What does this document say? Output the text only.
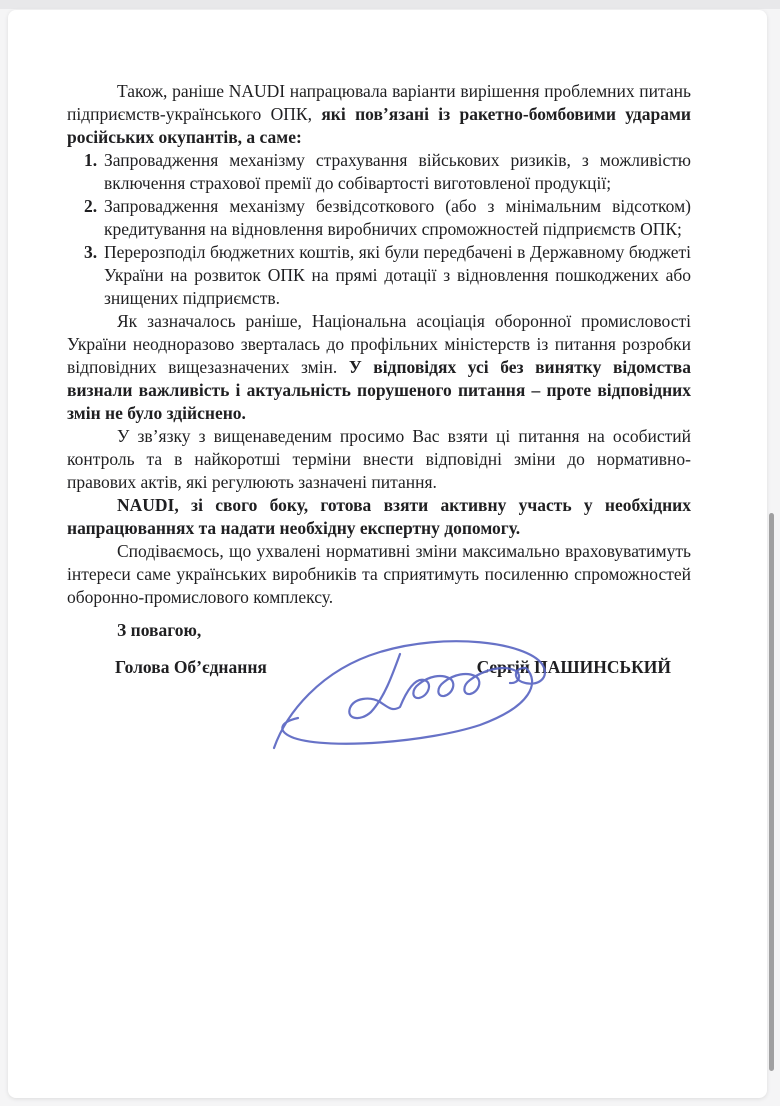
Також, раніше NAUDI напрацювала варіанти вирішення проблемних питань підприємств-українського ОПК, які пов’язані із ракетно-бомбовими ударами російських окупантів, а саме:

1. Запровадження механізму страхування військових ризиків, з можливістю включення страхової премії до собівартості виготовленої продукції;
2. Запровадження механізму безвідсоткового (або з мінімальним відсотком) кредитування на відновлення виробничих спроможностей підприємств ОПК;
3. Перерозподіл бюджетних коштів, які були передбачені в Державному бюджеті України на розвиток ОПК на прямі дотації з відновлення пошкоджених або знищених підприємств.

Як зазначалось раніше, Національна асоціація оборонної промисловості України неодноразово зверталась до профільних міністерств із питання розробки відповідних вищезазначених змін. У відповідях усі без винятку відомства визнали важливість і актуальність порушеного питання – проте відповідних змін не було здійснено.

У зв’язку з вищенаведеним просимо Вас взяти ці питання на особистий контроль та в найкоротші терміни внести відповідні зміни до нормативно-правових актів, які регулюють зазначені питання.

NAUDI, зі свого боку, готова взяти активну участь у необхідних напрацюваннях та надати необхідну експертну допомогу.

Сподіваємось, що ухвалені нормативні зміни максимально враховуватимуть інтереси саме українських виробників та сприятимуть посиленню спроможностей оборонно-промислового комплексу.

З повагою,

Голова Об’єднання	Сергій ПАШИНСЬКИЙ
